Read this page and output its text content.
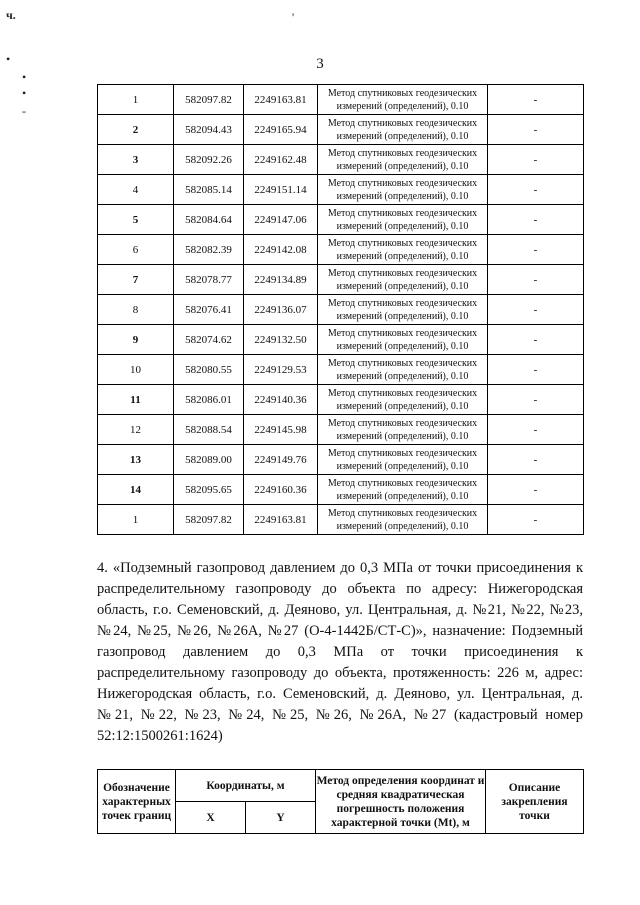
ч.
•
•
•
-
'
3
1	582097.82	2249163.81	Метод спутниковых геодезических измерений (определений), 0.10	-
2	582094.43	2249165.94	Метод спутниковых геодезических измерений (определений), 0.10	-
3	582092.26	2249162.48	Метод спутниковых геодезических измерений (определений), 0.10	-
4	582085.14	2249151.14	Метод спутниковых геодезических измерений (определений), 0.10	-
5	582084.64	2249147.06	Метод спутниковых геодезических измерений (определений), 0.10	-
6	582082.39	2249142.08	Метод спутниковых геодезических измерений (определений), 0.10	-
7	582078.77	2249134.89	Метод спутниковых геодезических измерений (определений), 0.10	-
8	582076.41	2249136.07	Метод спутниковых геодезических измерений (определений), 0.10	-
9	582074.62	2249132.50	Метод спутниковых геодезических измерений (определений), 0.10	-
10	582080.55	2249129.53	Метод спутниковых геодезических измерений (определений), 0.10	-
11	582086.01	2249140.36	Метод спутниковых геодезических измерений (определений), 0.10	-
12	582088.54	2249145.98	Метод спутниковых геодезических измерений (определений), 0.10	-
13	582089.00	2249149.76	Метод спутниковых геодезических измерений (определений), 0.10	-
14	582095.65	2249160.36	Метод спутниковых геодезических измерений (определений), 0.10	-
1	582097.82	2249163.81	Метод спутниковых геодезических измерений (определений), 0.10	-
4. «Подземный газопровод давлением до 0,3 МПа от точки присоединения к распределительному газопроводу до объекта по адресу: Нижегородская область, г.о. Семеновский, д. Деяново, ул. Центральная, д. №21, №22, №23, №24, №25, №26, №26А, №27 (О-4-1442Б/СТ-С)», назначение: Подземный газопровод давлением до 0,3 МПа от точки присоединения к распределительному газопроводу до объекта, протяженность: 226 м, адрес: Нижегородская область, г.о. Семеновский, д. Деяново, ул. Центральная, д. №21, №22, №23, №24, №25, №26, №26А, №27 (кадастровый номер 52:12:1500261:1624)
Обозначение характерных точек границ	Координаты, м		Метод определения координат и средняя квадратическая погрешность положения характерной точки (Mt), м	Описание закрепления точки
	X	Y		
